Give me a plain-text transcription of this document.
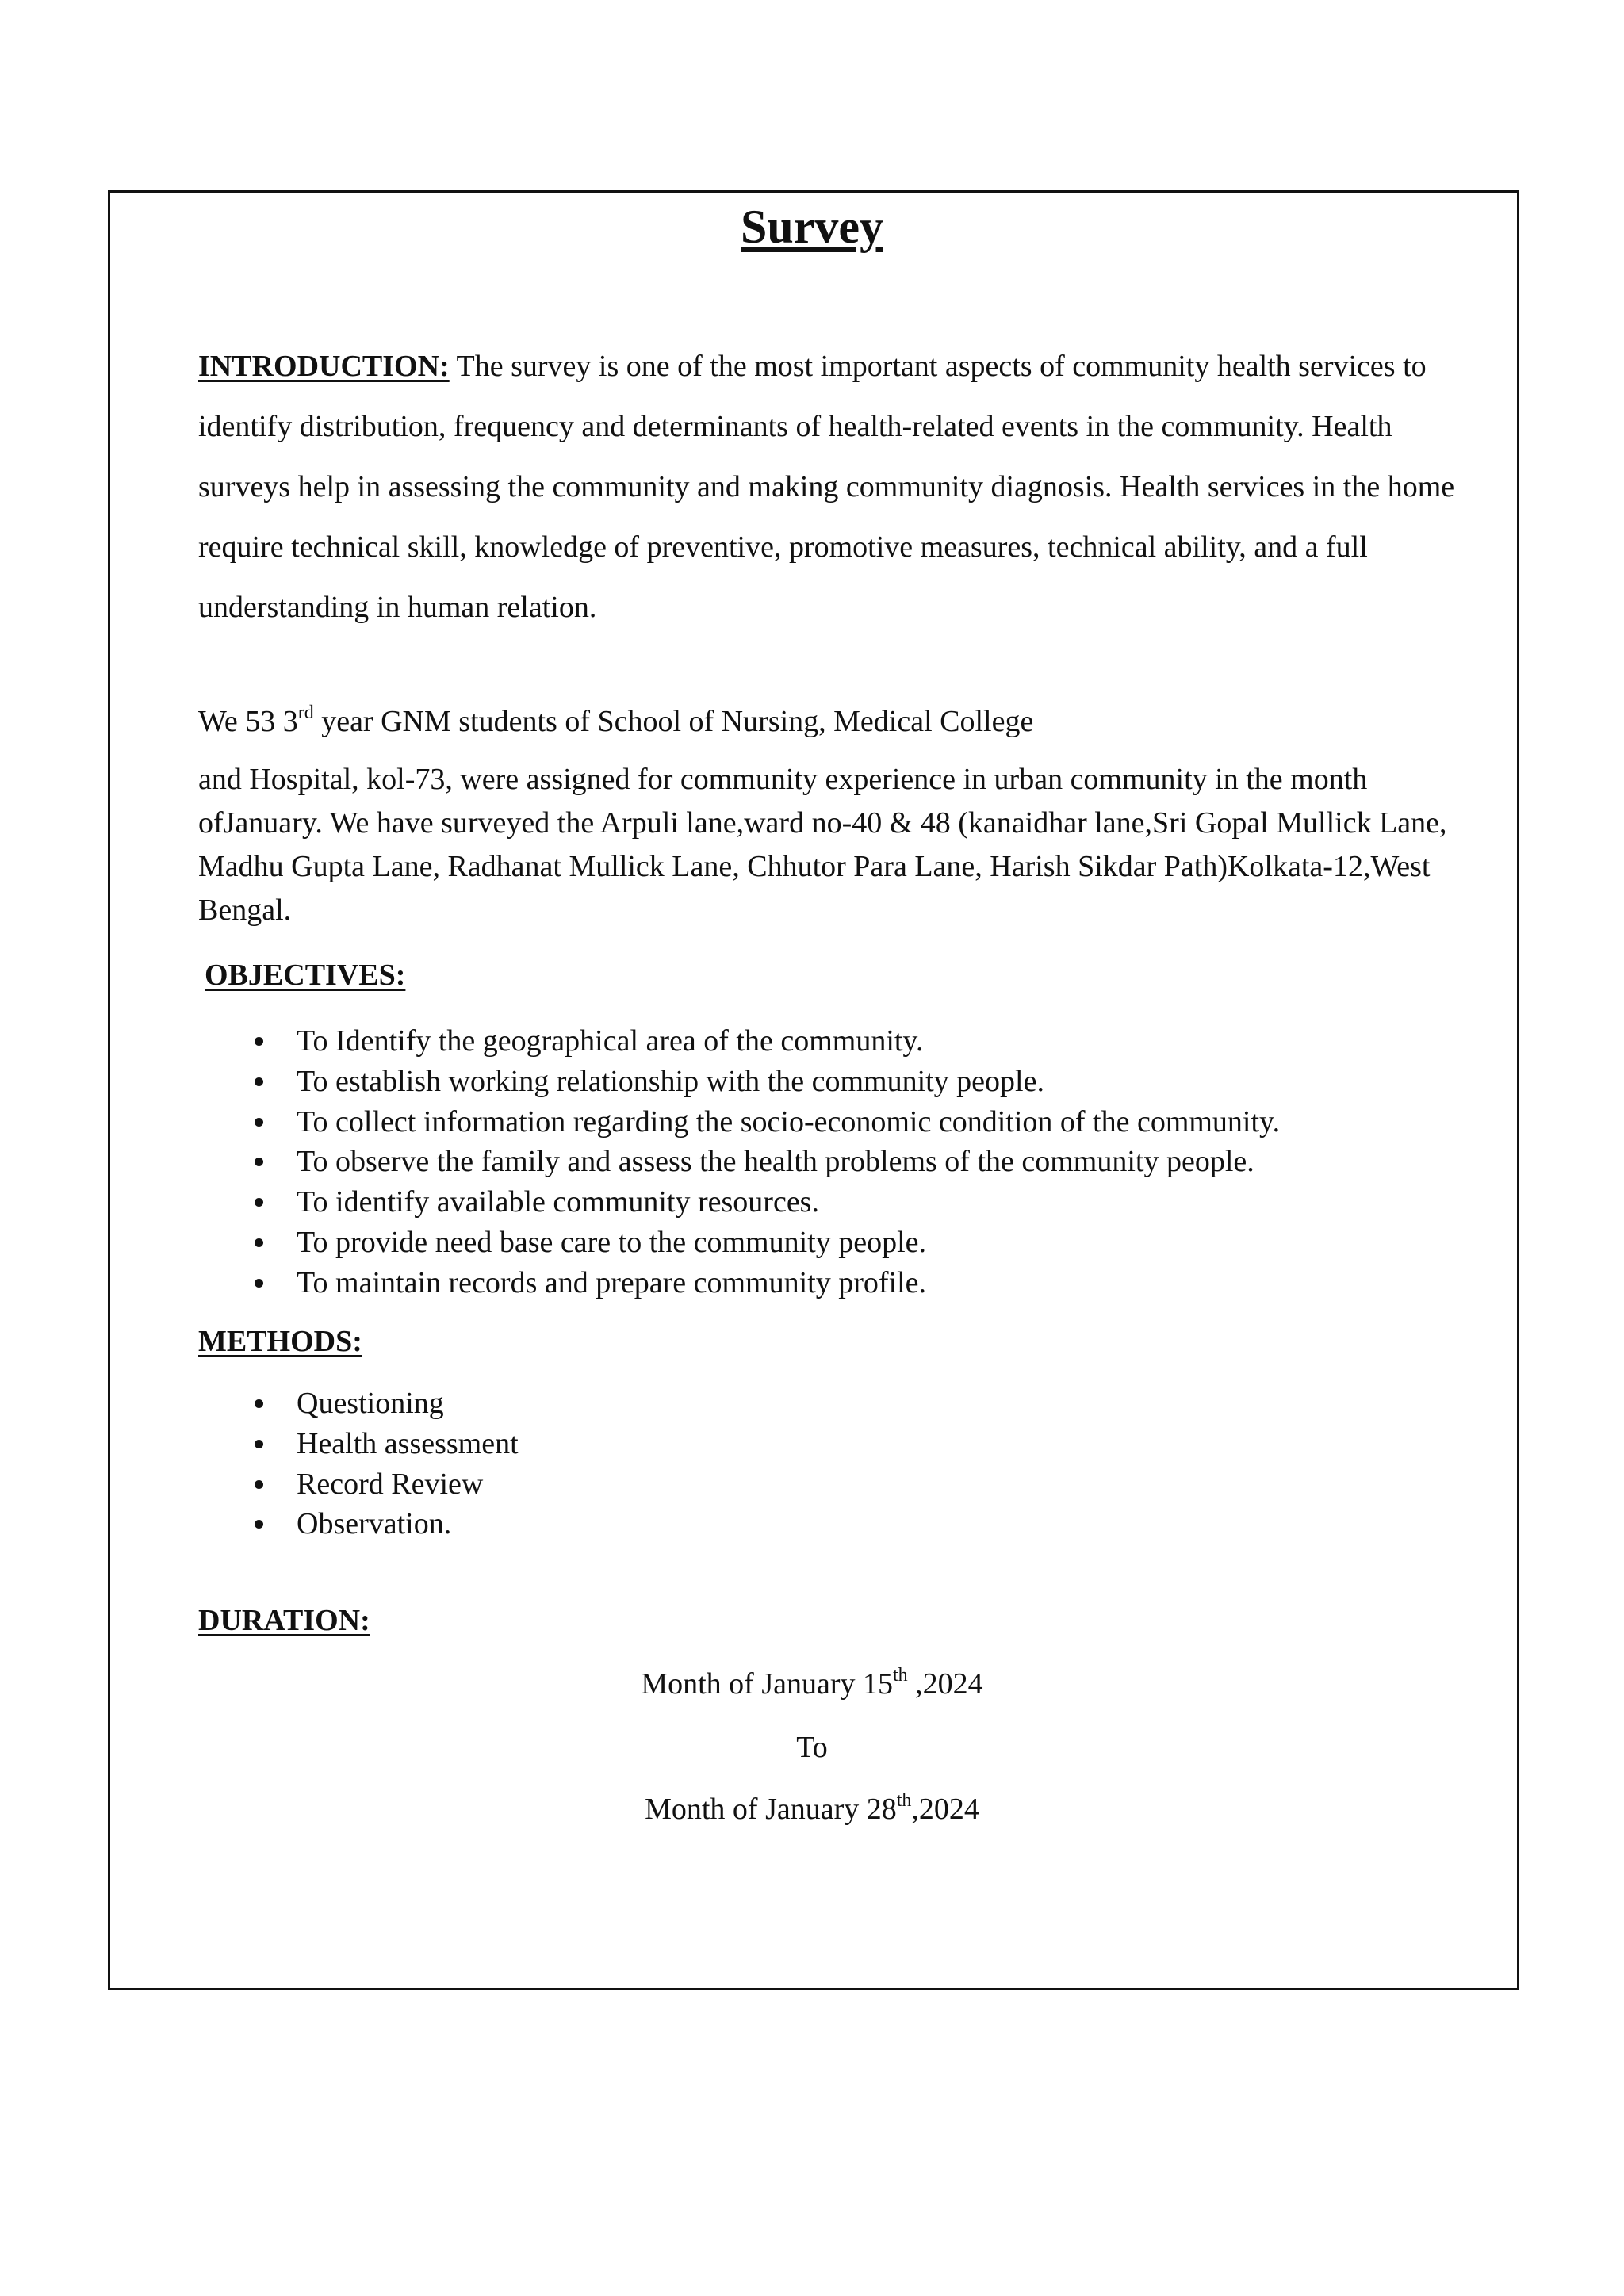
Survey

INTRODUCTION: The survey is one of the most important aspects of community health services to identify distribution, frequency and determinants of health-related events in the community. Health surveys help in assessing the community and making community diagnosis. Health services in the home require technical skill, knowledge of preventive, promotive measures, technical ability, and a full understanding in human relation.

We 53 3rd year GNM students of School of Nursing, Medical College

and Hospital, kol-73, were assigned for community experience in urban community in the month ofJanuary. We have surveyed the Arpuli lane,ward no-40 & 48 (kanaidhar lane,Sri Gopal Mullick Lane, Madhu Gupta Lane, Radhanat Mullick Lane, Chhutor Para Lane, Harish Sikdar Path)Kolkata-12,West Bengal.

OBJECTIVES:

To Identify the geographical area of the community.
To establish working relationship with the community people.
To collect information regarding the socio-economic condition of the community.
To observe the family and assess the health problems of the community people.
To identify available community resources.
To provide need base care to the community people.
To maintain records and prepare community profile.

METHODS:

Questioning
Health assessment
Record Review
Observation.

DURATION:

Month of January 15th ,2024

To

Month of January 28th,2024
